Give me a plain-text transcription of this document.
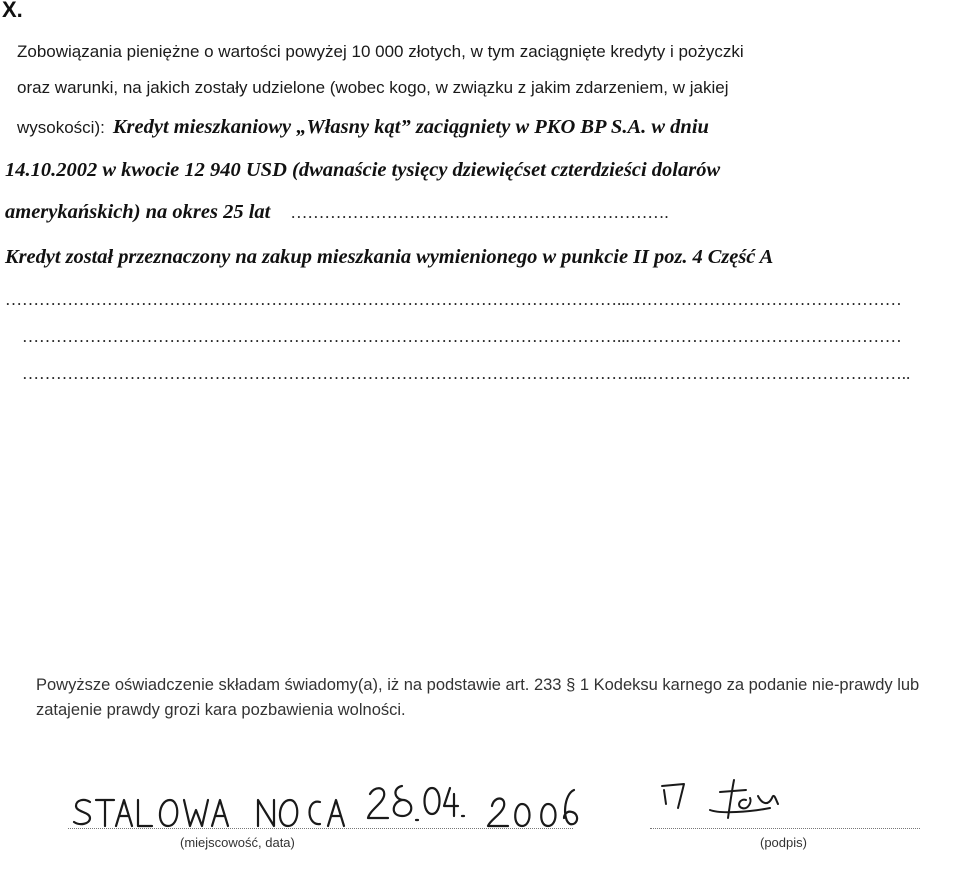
X.
Zobowiązania pieniężne o wartości powyżej 10 000 złotych, w tym zaciągnięte kredyty i pożyczki
oraz warunki, na jakich zostały udzielone (wobec kogo, w związku z jakim zdarzeniem, w jakiej
wysokości): Kredyt mieszkaniowy „Własny kąt” zaciągniety w PKO BP S.A. w dniu
14.10.2002 w kwocie 12 940 USD (dwanaście tysięcy dziewięćset czterdzieści dolarów
amerykańskich) na okres 25 lat ………………………………………………………….
Kredyt został przeznaczony na zakup mieszkania wymienionego w punkcie II poz. 4 Część A
………………………………………………………………………………………………...…………………………………………
……………………………………………………………………………………………...…………………………………………
………………………………………………………………………………………………...………………………………………..
Powyższe oświadczenie składam świadomy(a), iż na podstawie art. 233 § 1 Kodeksu karnego za podanie nie-prawdy lub zatajenie prawdy grozi kara pozbawienia wolności.
(miejscowość, data)	(podpis)
